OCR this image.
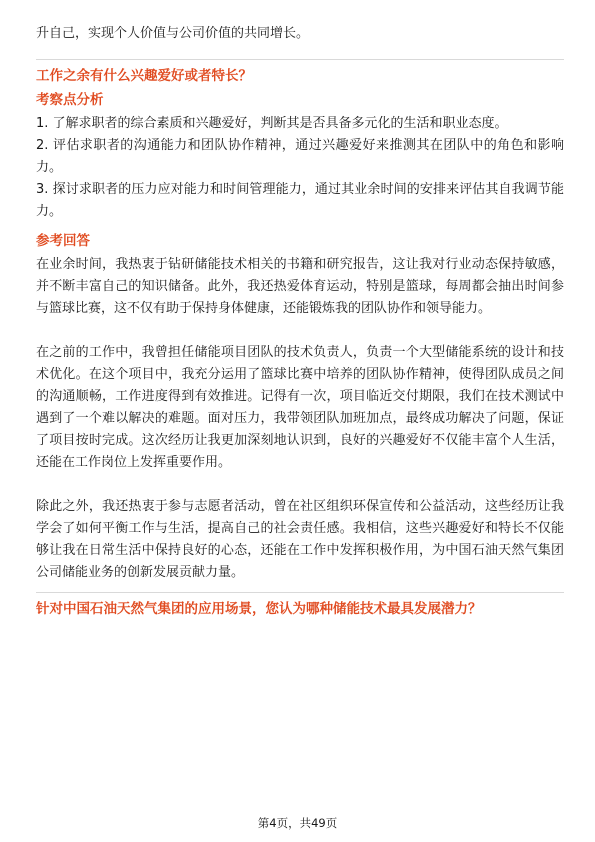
升自己，实现个人价值与公司价值的共同增长。

工作之余有什么兴趣爱好或者特长？
考察点分析

1. 了解求职者的综合素质和兴趣爱好，判断其是否具备多元化的生活和职业态度。

2. 评估求职者的沟通能力和团队协作精神，通过兴趣爱好来推测其在团队中的角色和影响力。

3. 探讨求职者的压力应对能力和时间管理能力，通过其业余时间的安排来评估其自我调节能力。

参考回答

在业余时间，我热衷于钻研储能技术相关的书籍和研究报告，这让我对行业动态保持敏感，并不断丰富自己的知识储备。此外，我还热爱体育运动，特别是篮球，每周都会抽出时间参与篮球比赛，这不仅有助于保持身体健康，还能锻炼我的团队协作和领导能力。

在之前的工作中，我曾担任储能项目团队的技术负责人，负责一个大型储能系统的设计和技术优化。在这个项目中，我充分运用了篮球比赛中培养的团队协作精神，使得团队成员之间的沟通顺畅，工作进度得到有效推进。记得有一次，项目临近交付期限，我们在技术测试中遇到了一个难以解决的难题。面对压力，我带领团队加班加点，最终成功解决了问题，保证了项目按时完成。这次经历让我更加深刻地认识到，良好的兴趣爱好不仅能丰富个人生活，还能在工作岗位上发挥重要作用。

除此之外，我还热衷于参与志愿者活动，曾在社区组织环保宣传和公益活动，这些经历让我学会了如何平衡工作与生活，提高自己的社会责任感。我相信，这些兴趣爱好和特长不仅能够让我在日常生活中保持良好的心态，还能在工作中发挥积极作用，为中国石油天然气集团公司储能业务的创新发展贡献力量。

针对中国石油天然气集团的应用场景，您认为哪种储能技术最具发展潜力？
第4页，共49页
